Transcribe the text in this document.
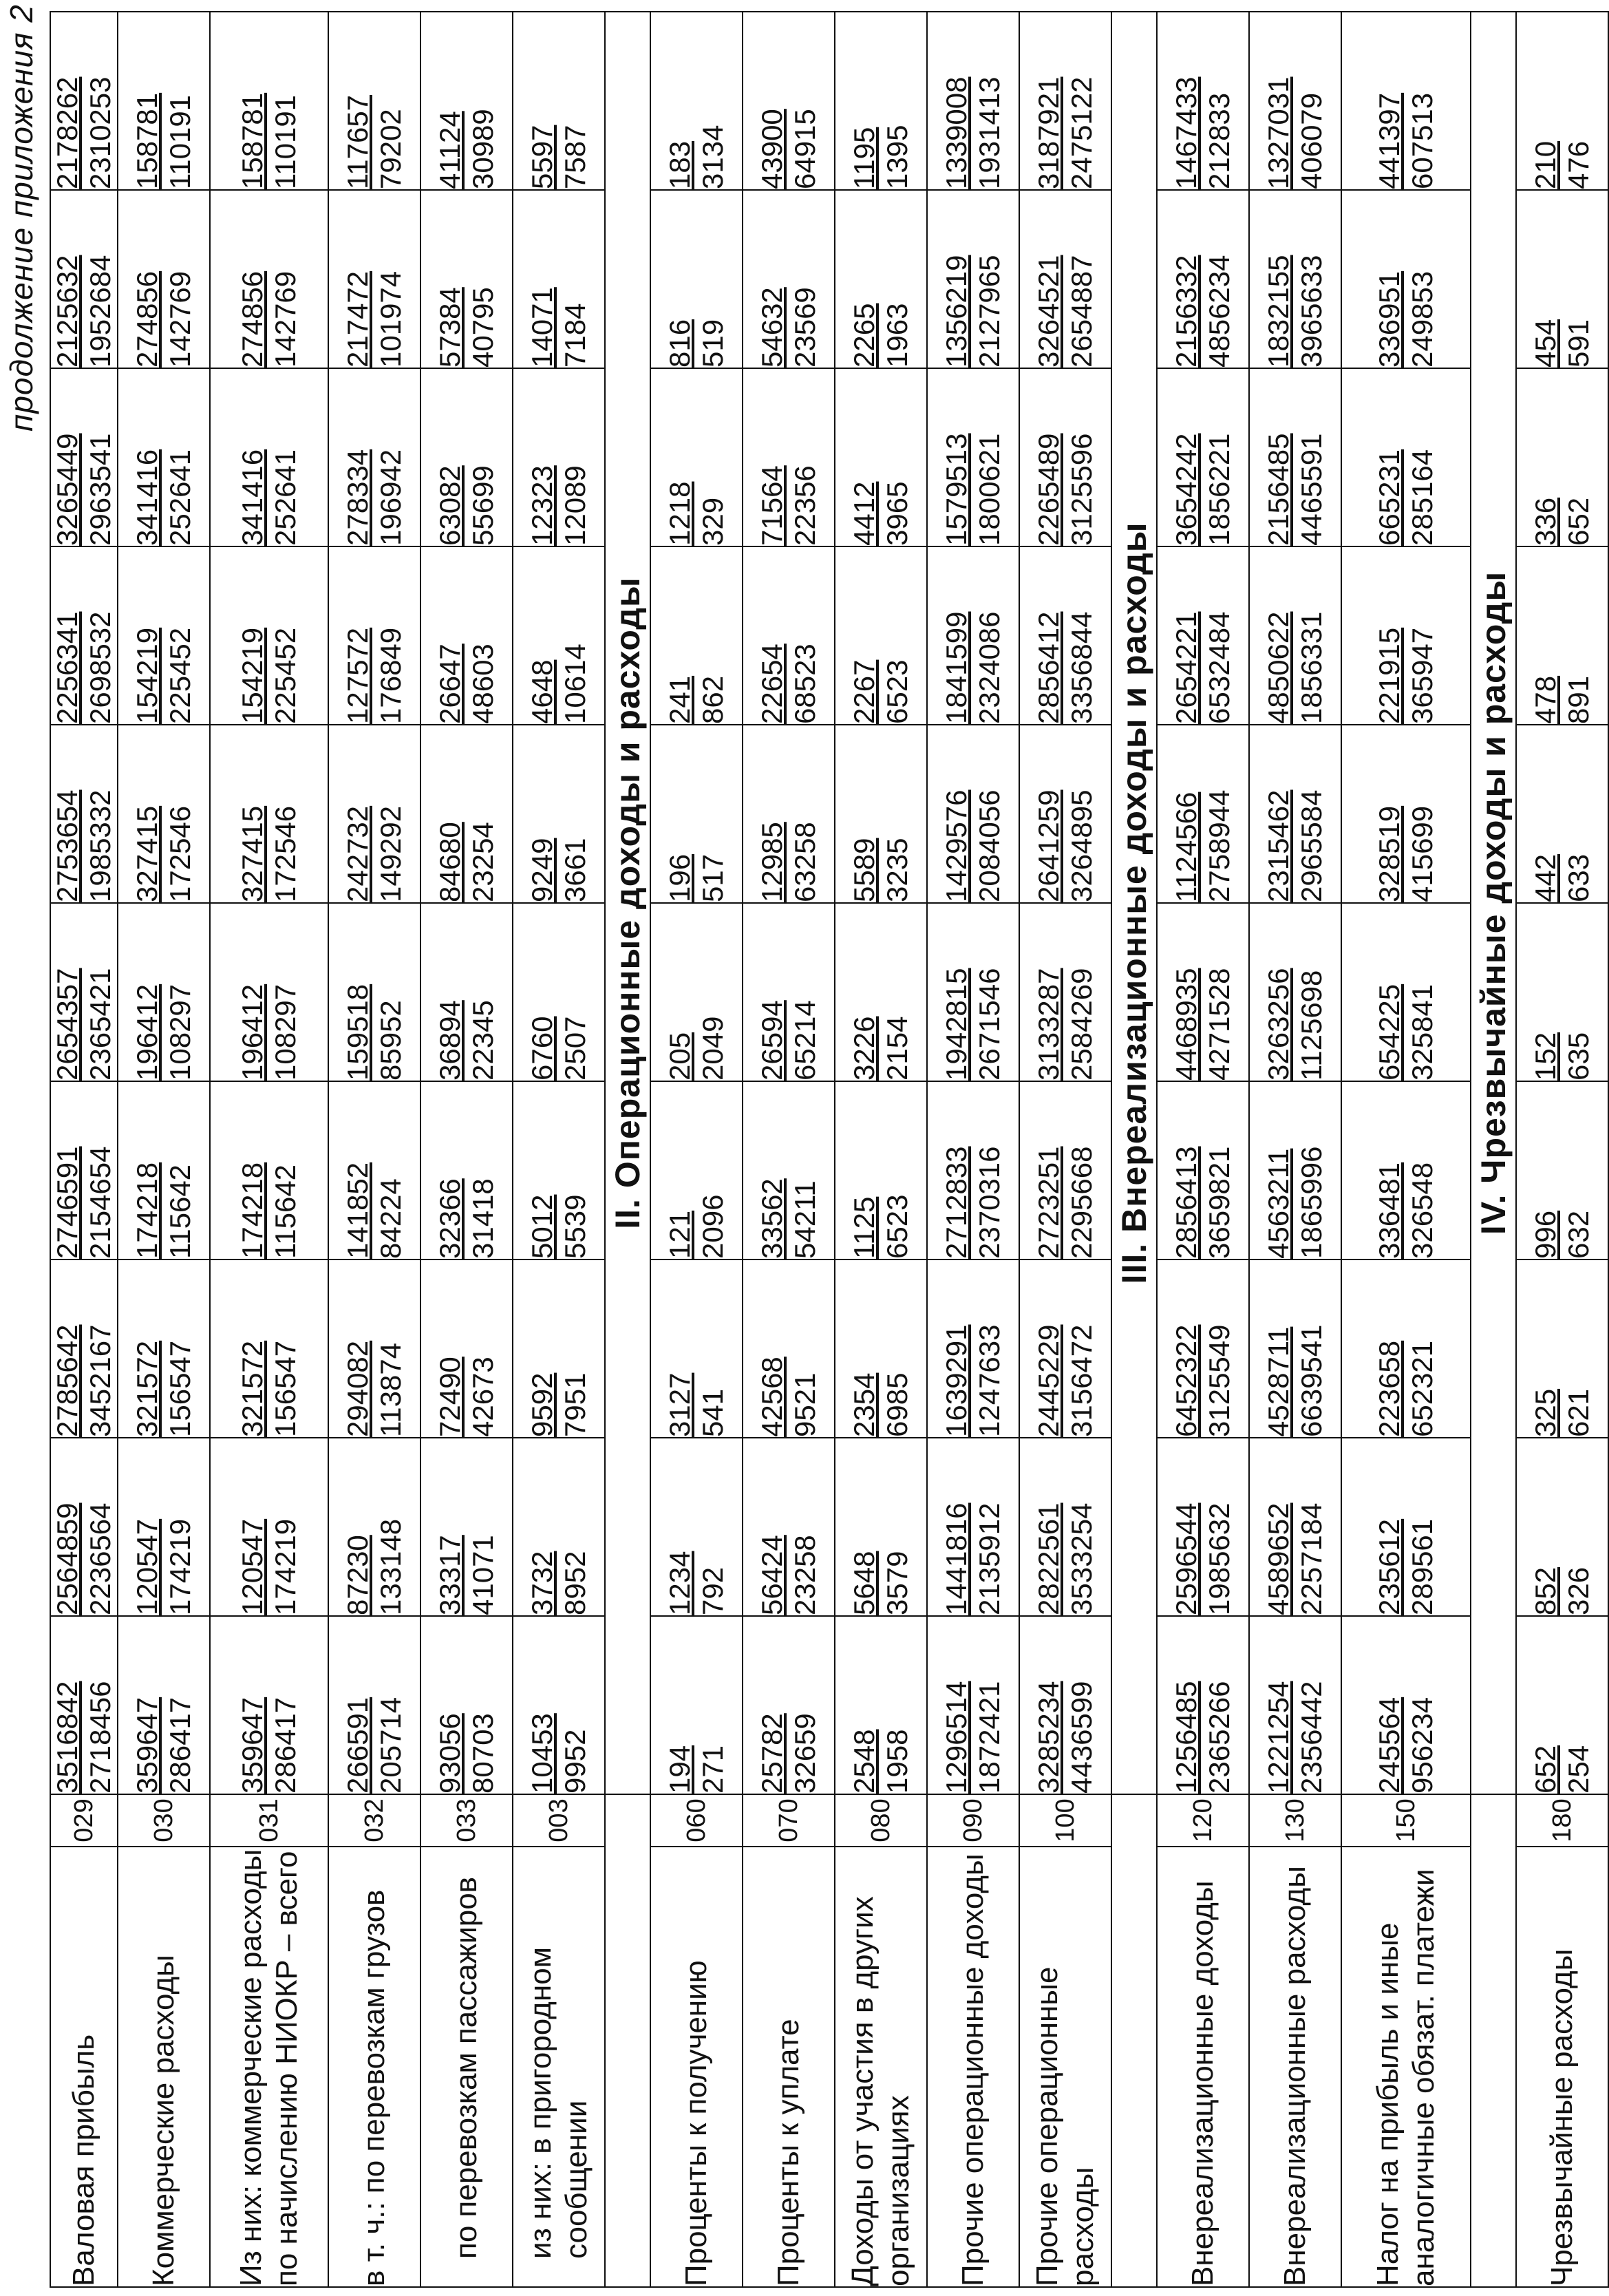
продолжение приложения 2
Валовая прибыль	029	3516842 2718456	2564859 2236564	2785642 3452167	2746591 2154654	2654357 2365421	2753654 1985332	2256341 2698532	3265449 2963541	2125632 1952684	2178262 2310253

Коммерческие расходы	030	359647 286417	120547 174219	321572 156547	174218 115642	196412 108297	327415 172546	154219 225452	341416 252641	274856 142769	158781 110191

Из них: коммерческие расходы по начислению НИОКР – всего	031	359647 286417	120547 174219	321572 156547	174218 115642	196412 108297	327415 172546	154219 225452	341416 252641	274856 142769	158781 110191

в т. ч.: по перевозкам грузов	032	266591 205714	87230 133148	294082 113874	141852 84224	159518 85952	242732 149292	127572 176849	278334 196942	217472 101974	117657 79202

по перевозкам пассажиров	033	93056 80703	33317 41071	72490 42673	32366 31418	36894 22345	84680 23254	26647 48603	63082 55699	57384 40795	41124 30989

из них: в пригородном сообщении	003	10453 9952	3732 8952	9592 7951	5012 5539	6760 2507	9249 3661	4648 10614	12323 12089	14071 7184	5597 7587

		II. Операционные доходы и расходы									
Проценты к получению	060	194 271	1234 792	3127 541	121 2096	205 2049	196 517	241 862	1218 329	816 519	183 3134

Проценты к уплате	070	25782 32659	56424 23258	42568 9521	33562 54211	26594 65214	12985 63258	22654 68523	71564 22356	54632 23569	43900 64915

Доходы от участия в других организациях	080	2548 1958	5648 3579	2354 6985	1125 6523	3226 2154	5589 3235	2267 6523	4412 3965	2265 1963	1195 1395

Прочие операционные доходы	090	1296514 1872421	1441816 2135912	1639291 1247633	2712833 2370316	1942815 2671546	1429576 2084056	1841599 2324086	1579513 1800621	1356219 2127965	1339008 1931413

Прочие операционные расходы	100	3285234 4436599	2822561 3533254	2445229 3156472	2723251 2295668	3133287 2584269	2641259 3264895	2856412 3356844	2265489 3125596	3264521 2654887	3187921 2475122

		III. Внереализационные доходы и расходы									
Внереализационные доходы	120	1256485 2365266	2596544 1985632	6452322 3125549	2856413 3659821	4468935 4271528	1124566 2758944	2654221 6532484	3654242 1856221	2156332 4856234	1467433 212833

Внереализационные расходы	130	1221254 2356442	4589652 2257184	4528711 6639541	4563211 1865996	3263256 1125698	2315462 2965584	4850622 1856331	2156485 4465591	1832155 3965633	1327031 406079

Налог на прибыль и иные аналогичные обязат. платежи	150	245564 956234	235612 289561	223658 652321	336481 326548	654225 325841	328519 415699	221915 365947	665231 285164	336951 249853	441397 607513

		IV. Чрезвычайные доходы и расходы									
Чрезвычайные расходы	180	652 254	852 326	325 621	996 632	152 635	442 633	478 891	336 652	454 591	210 476
